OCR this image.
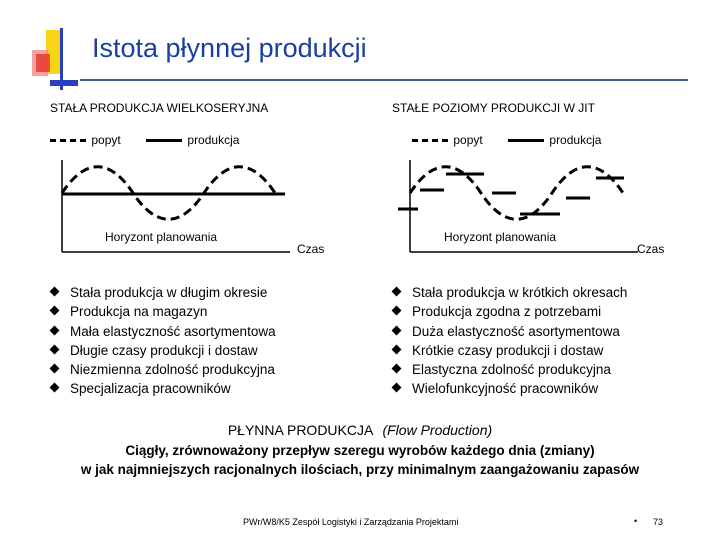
Istota płynnej produkcji
STAŁA PRODUKCJA WIELKOSERYJNA
popyt	produkcja
Horyzont planowania
Czas
Stała produkcja w długim okresie
Produkcja na magazyn
Mała elastyczność asortymentowa
Długie czasy produkcji i dostaw
Niezmienna zdolność produkcyjna
Specjalizacja pracowników
STAŁE POZIOMY PRODUKCJI W JIT
popyt	produkcja
Horyzont planowania
Czas
Stała produkcja w krótkich okresach
Produkcja zgodna z potrzebami
Duża elastyczność asortymentowa
Krótkie czasy produkcji i dostaw
Elastyczna zdolność produkcyjna
Wielofunkcyjność pracowników
PŁYNNA PRODUKCJA (Flow Production)
Ciągły, zrównoważony przepływ szeregu wyrobów każdego dnia (zmiany)
w jak najmniejszych racjonalnych ilościach, przy minimalnym zaangażowaniu zapasów
PWr/W8/K5 Zespół Logistyki i Zarządzania Projektami	• 73
